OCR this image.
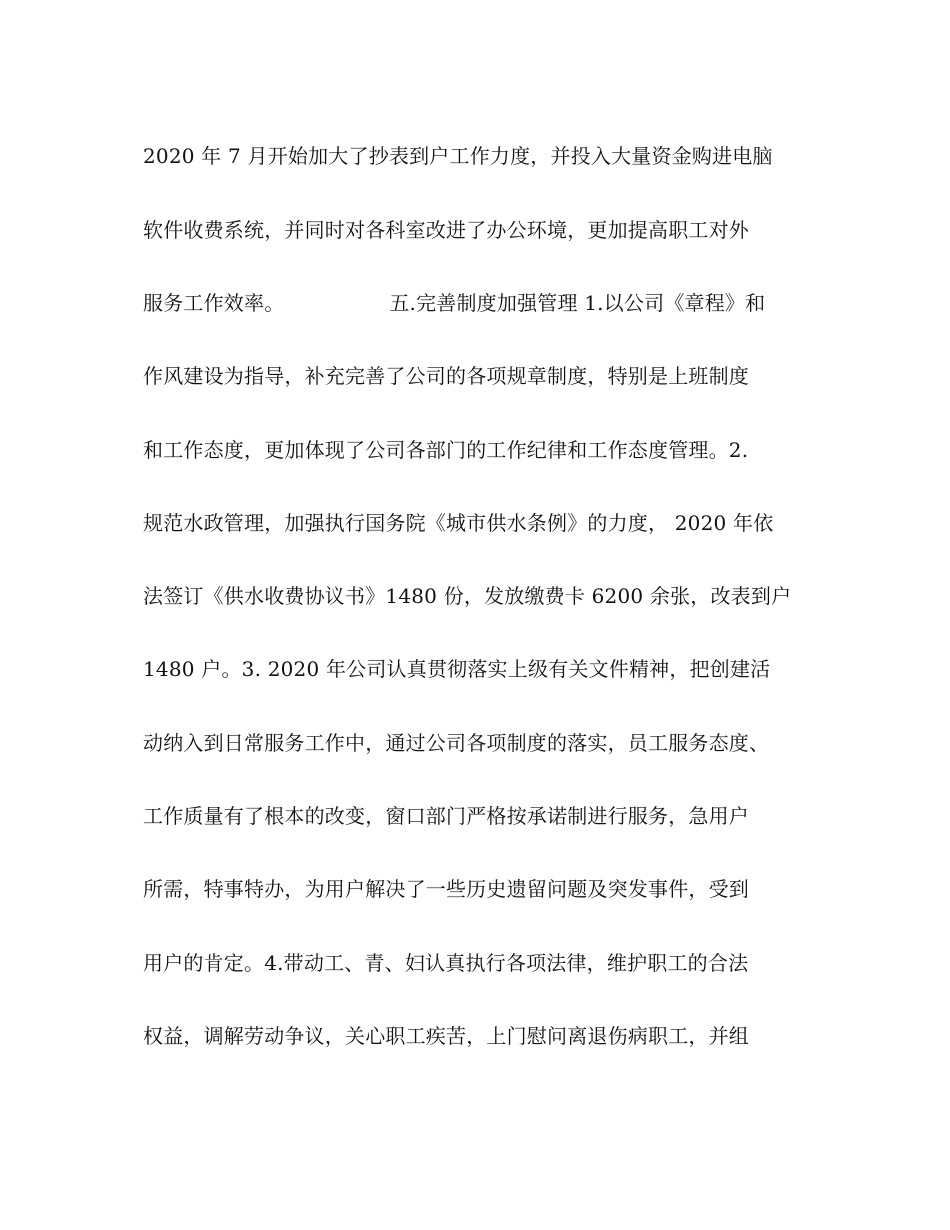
2020 年 7 月开始加大了抄表到户工作力度，并投入大量资金购进电脑
软件收费系统，并同时对各科室改进了办公环境，更加提高职工对外
服务工作效率。                五.完善制度加强管理 1.以公司《章程》和
作风建设为指导，补充完善了公司的各项规章制度，特别是上班制度
和工作态度，更加体现了公司各部门的工作纪律和工作态度管理。2.
规范水政管理，加强执行国务院《城市供水条例》的力度， 2020 年依
法签订《供水收费协议书》1480 份，发放缴费卡 6200 余张，改表到户
1480 户。3. 2020 年公司认真贯彻落实上级有关文件精神，把创建活
动纳入到日常服务工作中，通过公司各项制度的落实，员工服务态度、
工作质量有了根本的改变，窗口部门严格按承诺制进行服务，急用户
所需，特事特办，为用户解决了一些历史遗留问题及突发事件，受到
用户的肯定。4.带动工、青、妇认真执行各项法律，维护职工的合法
权益，调解劳动争议，关心职工疾苦，上门慰问离退伤病职工，并组
